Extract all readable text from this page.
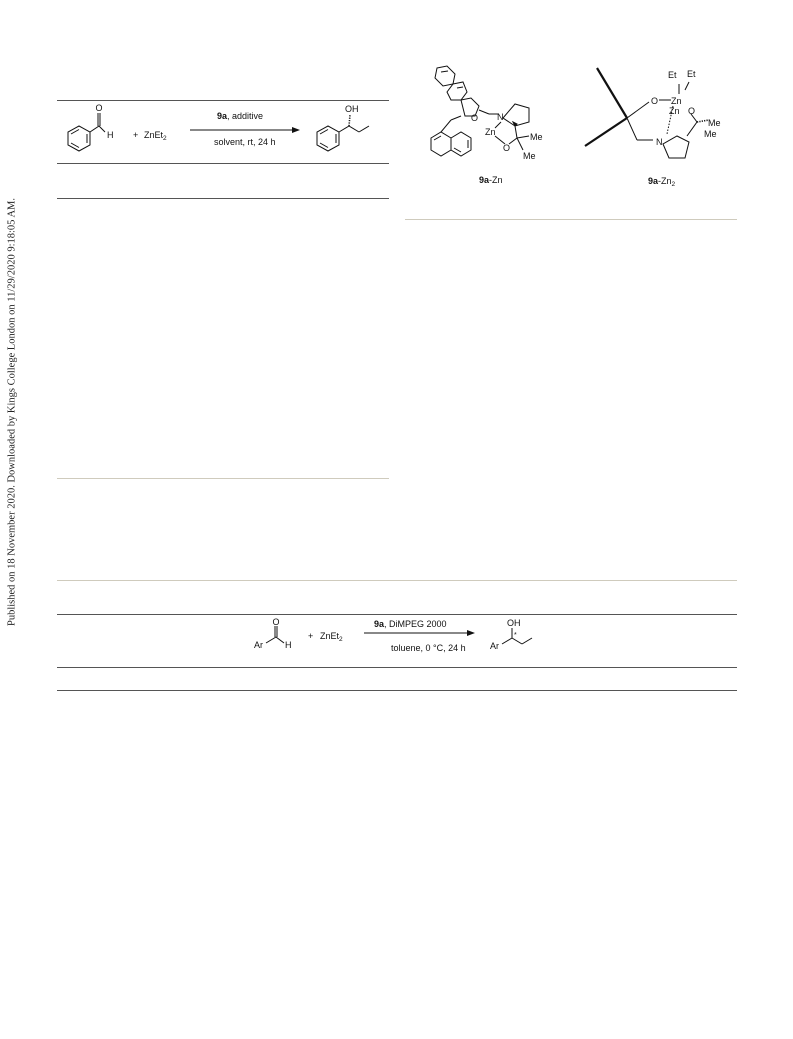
Published on 18 November 2020. Downloaded by Kings College London on 11/29/2020 9:18:05 AM.
O
H + ZnEt$_2$
9a, additive
solvent, rt, 24 h
OH
O N
Zn
O
Me
Me
9a-Zn
Et Et
O Zn
Zn O
N
Me
Me
$9a-Zn_2$
Ar
O
H
+ ZnEt$_2$
9a, DiMPEG 2000
toluene, 0 °C, 24 h
OH
Ar
*
